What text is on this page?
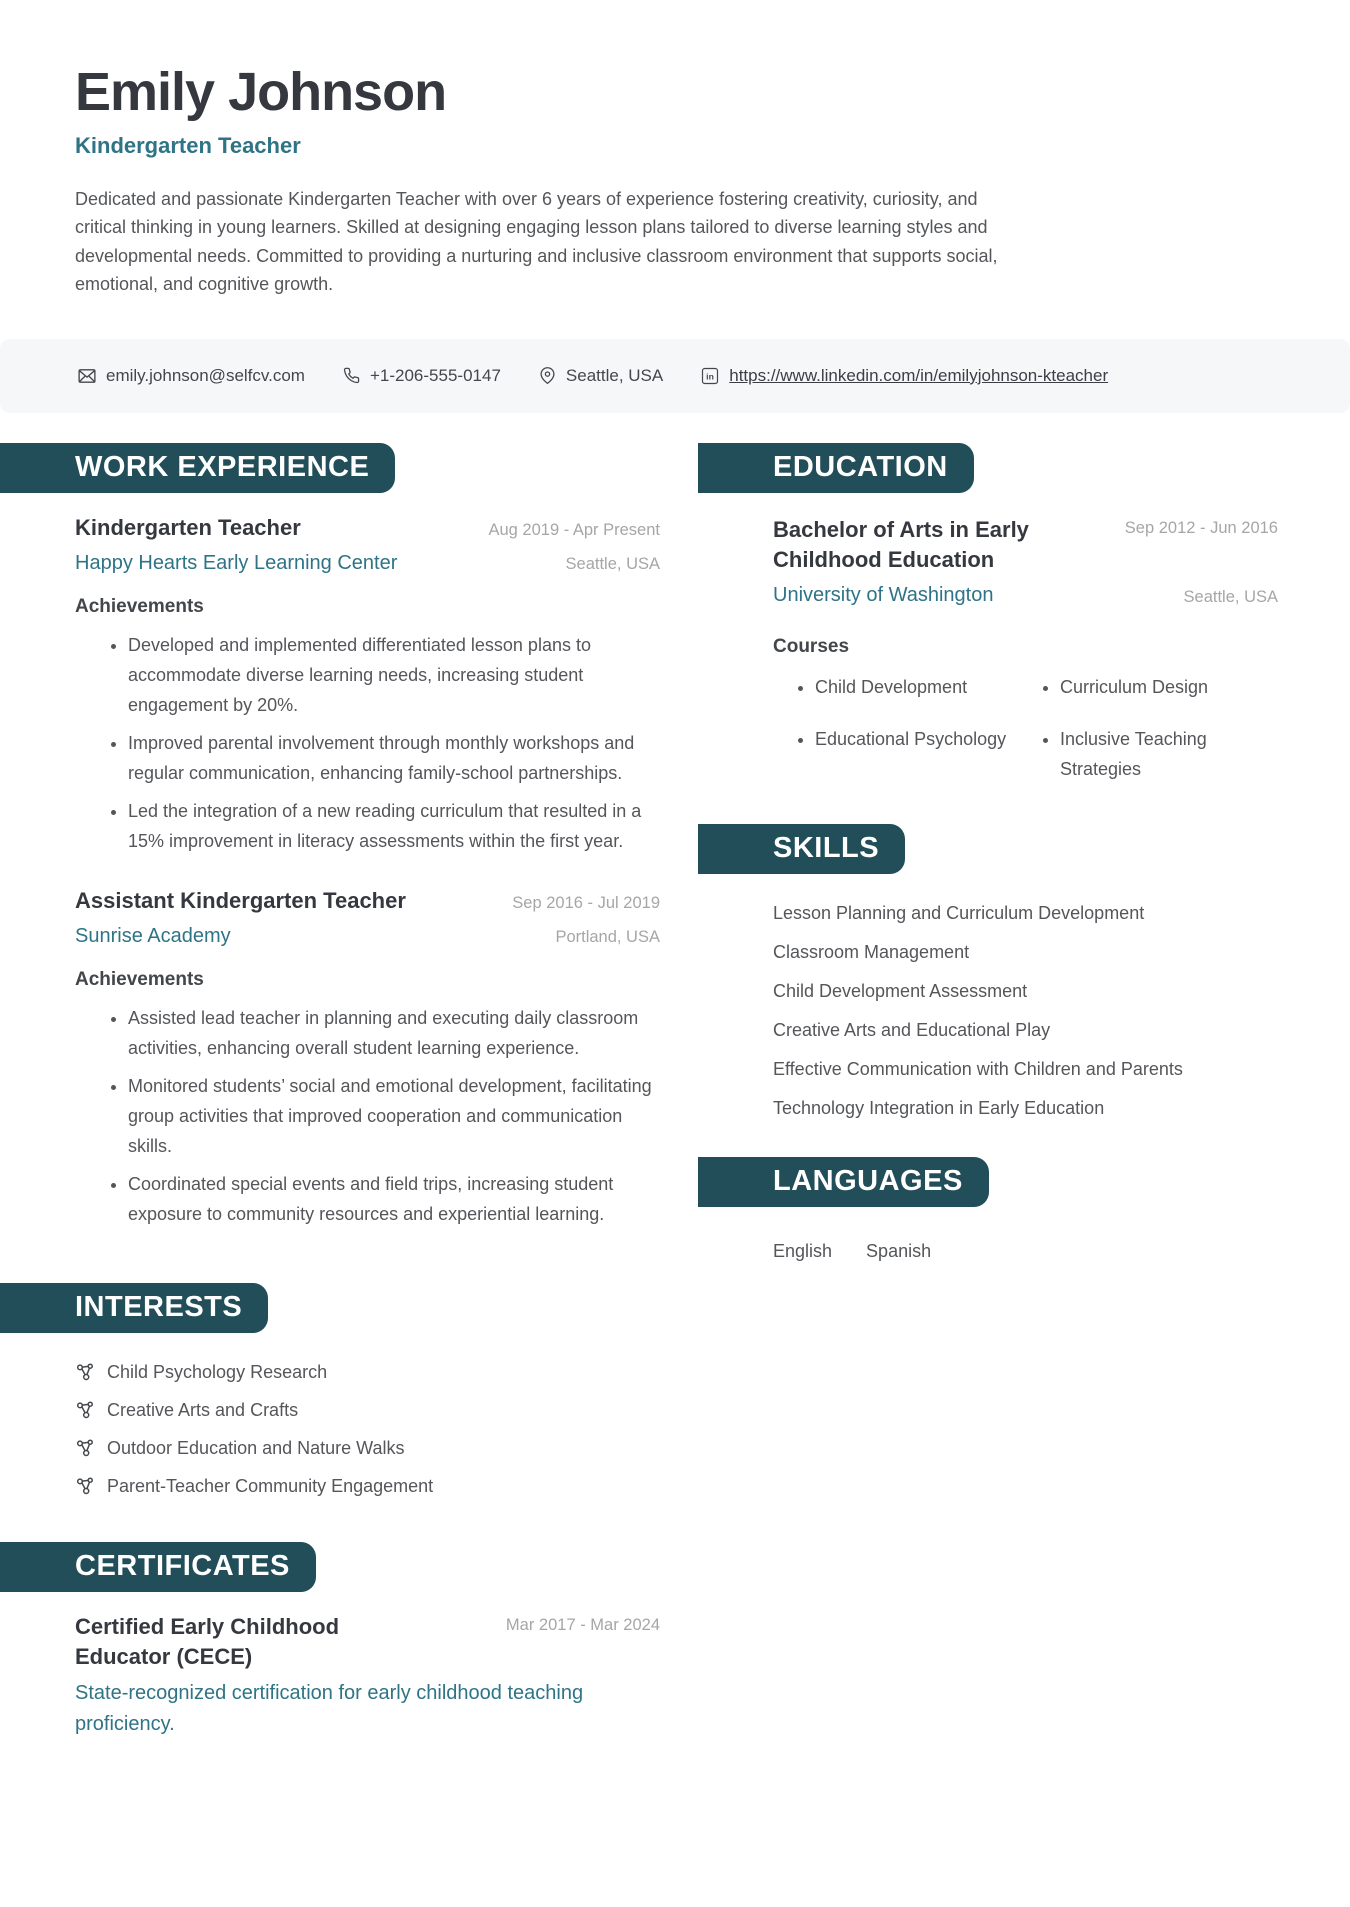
Emily Johnson
Kindergarten Teacher

Dedicated and passionate Kindergarten Teacher with over 6 years of experience fostering creativity, curiosity, and critical thinking in young learners. Skilled at designing engaging lesson plans tailored to diverse learning styles and developmental needs. Committed to providing a nurturing and inclusive classroom environment that supports social, emotional, and cognitive growth.

emily.johnson@selfcv.com	+1-206-555-0147	Seattle, USA	in https://www.linkedin.com/in/emilyjohnson-kteacher
WORK EXPERIENCE
Kindergarten Teacher	Aug 2019 - Apr Present
Happy Hearts Early Learning Center	Seattle, USA
Achievements
• Developed and implemented differentiated lesson plans to accommodate diverse learning needs, increasing student engagement by 20%.
• Improved parental involvement through monthly workshops and regular communication, enhancing family-school partnerships.
• Led the integration of a new reading curriculum that resulted in a 15% improvement in literacy assessments within the first year.
Assistant Kindergarten Teacher	Sep 2016 - Jul 2019
Sunrise Academy	Portland, USA
Achievements
• Assisted lead teacher in planning and executing daily classroom activities, enhancing overall student learning experience.
• Monitored students’ social and emotional development, facilitating group activities that improved cooperation and communication skills.
• Coordinated special events and field trips, increasing student exposure to community resources and experiential learning.
INTERESTS
Child Psychology Research
Creative Arts and Crafts
Outdoor Education and Nature Walks
Parent-Teacher Community Engagement
CERTIFICATES
Certified Early Childhood Educator (CECE)
Mar 2017 - Mar 2024
State-recognized certification for early childhood teaching proficiency.
EDUCATION
Bachelor of Arts in Early Childhood Education
University of Washington
Sep 2012 - Jun 2016
Seattle, USA
Courses
• Child Development	• Curriculum Design
• Educational Psychology	• Inclusive Teaching Strategies
SKILLS
Lesson Planning and Curriculum Development
Classroom Management
Child Development Assessment
Creative Arts and Educational Play
Effective Communication with Children and Parents
Technology Integration in Early Education
LANGUAGES
English Spanish
